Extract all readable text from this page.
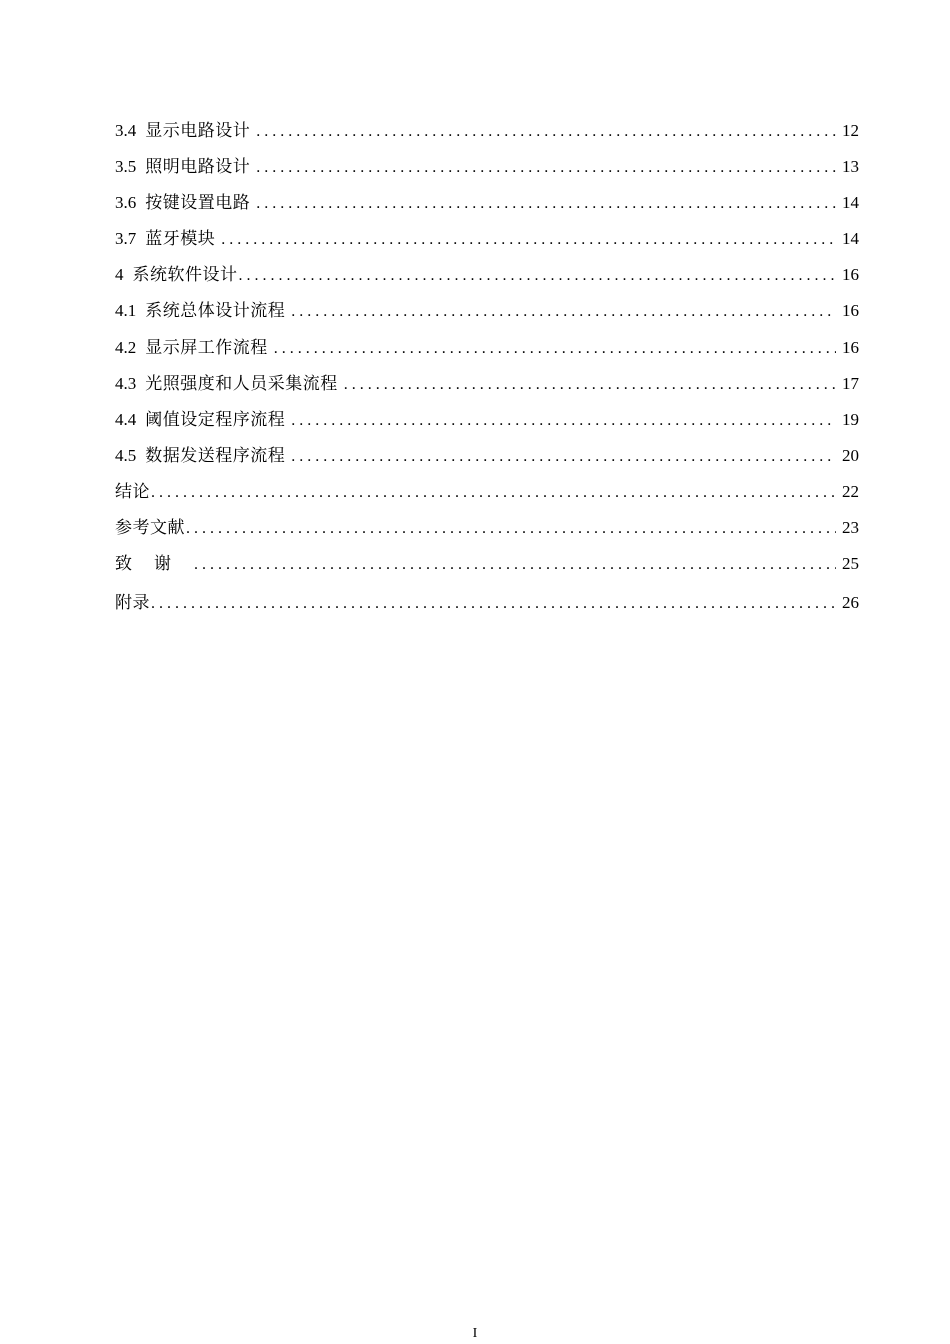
3.4 显示电路设计 . . .	12
3.5 照明电路设计 . . .	13
3.6 按键设置电路 . . .	14
3.7 蓝牙模块 . . .	14
4 系统软件设计 . . .	16
4.1 系统总体设计流程 . . .	16
4.2 显示屏工作流程 . . .	16
4.3 光照强度和人员采集流程 . . .	17
4.4 阈值设定程序流程 . . .	19
4.5 数据发送程序流程 . . .	20
结论 . . .	22
参考文献 . . .	23
致谢 . . .	25
附录 . . .	26
I
